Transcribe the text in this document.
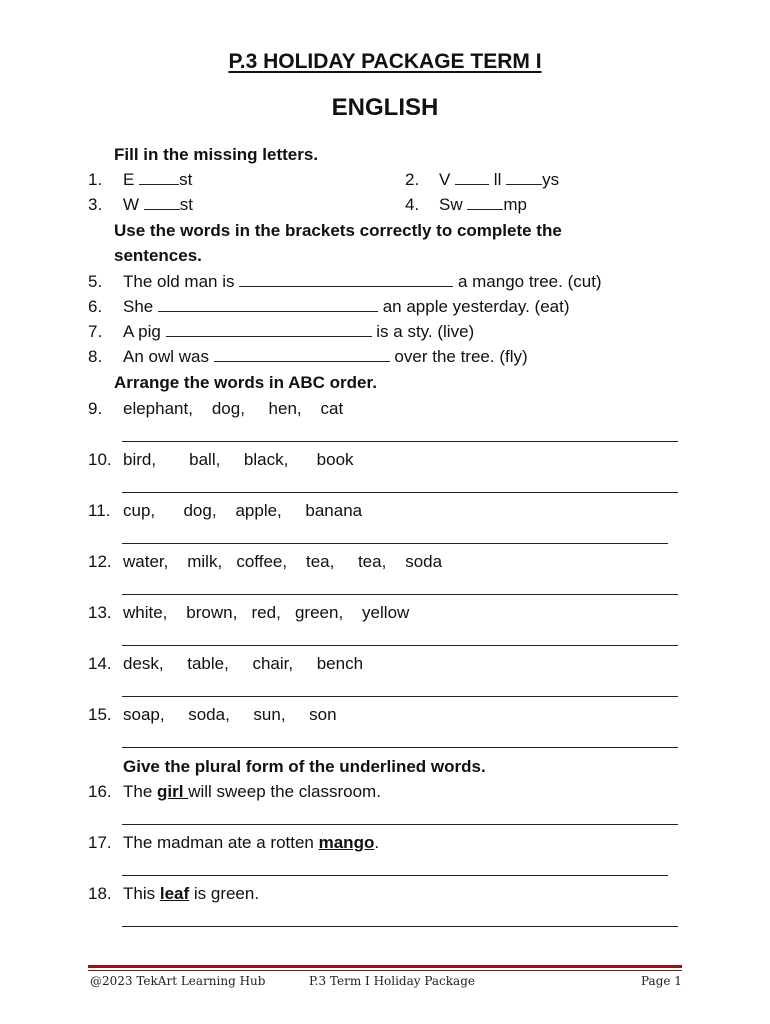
P.3 HOLIDAY PACKAGE TERM I
ENGLISH
Fill in the missing letters.
1.	E st	2.	V  ll ys
3.	W st	4.	Sw mp
Use the words in the brackets correctly to complete the
sentences.
5.	The old man is	a mango tree. (cut)
6.	She	an apple yesterday. (eat)
7.	A pig	is a sty. (live)
8.	An owl was	over the tree. (fly)
Arrange the words in ABC order.
9.	elephant,    dog,     hen,    cat
10. bird,       ball,     black,      book
11. cup,      dog,    apple,     banana
12. water,    milk,   coffee,    tea,     tea,    soda
13. white,    brown,   red,   green,    yellow
14. desk,     table,     chair,     bench
15. soap,     soda,     sun,     son
Give the plural form of the underlined words.
16. The girl will sweep the classroom.
17. The madman ate a rotten mango.
18. This leaf is green.
@2023 TekArt Learning Hub	P.3 Term I Holiday Package	Page 1
